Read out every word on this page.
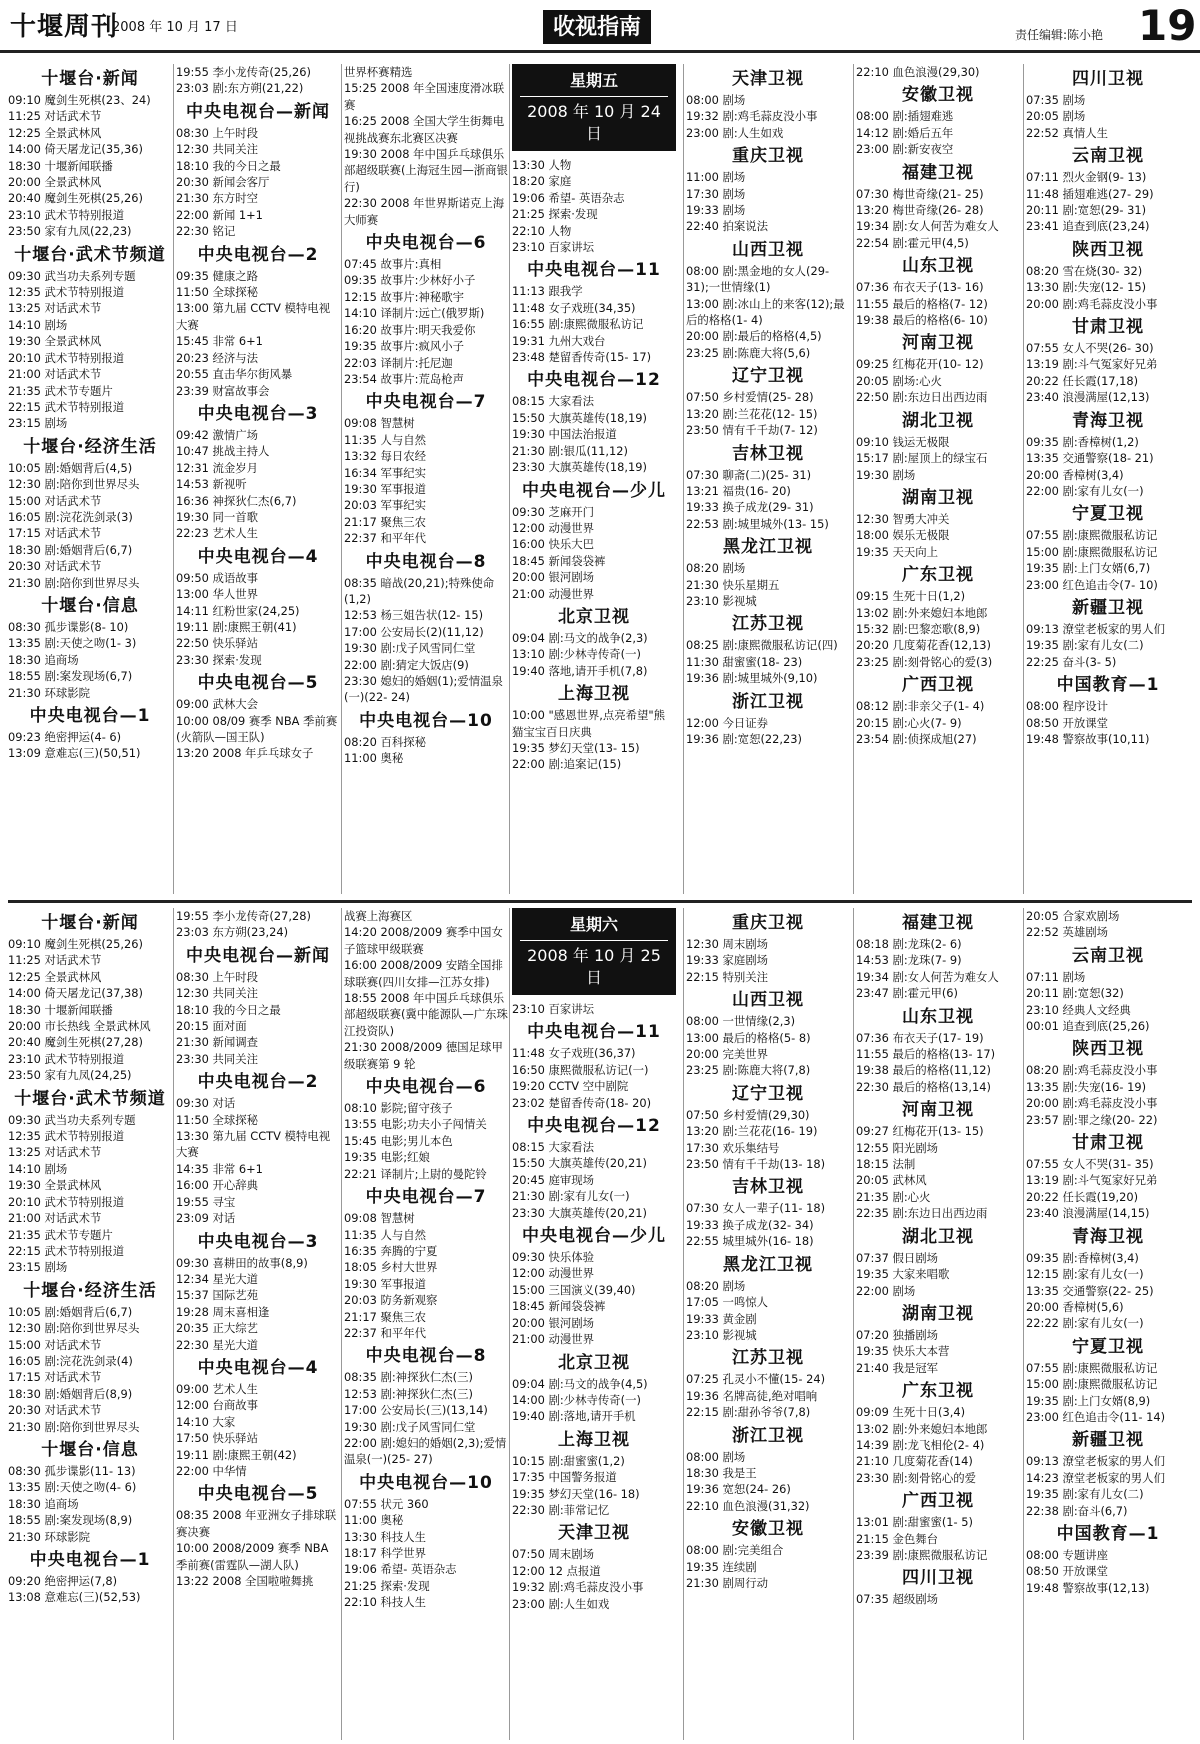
十堰周刊
2008 年 10 月 17 日	收视指南	责任编辑:陈小艳 19
十堰台·新闻
09:10 魔剑生死棋(23、24)
11:25 对话武术节
12:25 全景武林风
14:00 倚天屠龙记(35,36)
18:30 十堰新闻联播
20:00 全景武林风
20:40 魔剑生死棋(25,26)
23:10 武术节特别报道
23:50 家有九凤(22,23)
十堰台·武术节频道
09:30 武当功夫系列专题
12:35 武术节特别报道
13:25 对话武术节
14:10 剧场
19:30 全景武林风
20:10 武术节特别报道
21:00 对话武术节
21:35 武术节专题片
22:15 武术节特别报道
23:15 剧场
十堰台·经济生活
10:05 剧:婚姻背后(4,5)
12:30 剧:陪你到世界尽头
15:00 对话武术节
16:05 剧:浣花洗剑录(3)
17:15 对话武术节
18:30 剧:婚姻背后(6,7)
20:30 对话武术节
21:30 剧:陪你到世界尽头
十堰台·信息
08:30 孤步谍影(8- 10)
13:35 剧:天使之吻(1- 3)
18:30 追商场
18:55 剧:案发现场(6,7)
21:30 环球影院
中央电视台—1
09:23 绝密押运(4- 6)
13:09 意难忘(三)(50,51)
19:55 李小龙传奇(25,26)
23:03 剧:东方朔(21,22)
中央电视台—新闻
08:30 上午时段
12:30 共同关注
18:10 我的今日之最
20:30 新闻会客厅
21:30 东方时空
22:00 新闻 1+1
22:30 铭记
中央电视台—2
09:35 健康之路
11:50 全球探秘
13:00 第九届 CCTV 模特电视大赛
15:45 非常 6+1
20:23 经济与法
20:55 直击华尔街风暴
23:39 财富故事会
中央电视台—3
09:42 激情广场
10:47 挑战主持人
12:31 流金岁月
14:53 新视听
16:36 神探狄仁杰(6,7)
19:30 同一首歌
22:23 艺术人生
中央电视台—4
09:50 成语故事
13:00 华人世界
14:11 红粉世家(24,25)
19:11 剧:康熙王朝(41)
22:50 快乐驿站
23:30 探索·发现
中央电视台—5
09:00 武林大会
10:00 08/09 赛季 NBA 季前赛(火箭队—国王队)
13:20 2008 年乒乓球女子
世界杯赛精选
15:25 2008 年全国速度滑冰联赛
16:25 2008 全国大学生街舞电视挑战赛东北赛区决赛
19:30 2008 年中国乒乓球俱乐部超级联赛(上海冠生园—浙商银行)
22:30 2008 年世界斯诺克上海大师赛
中央电视台—6
07:45 故事片:真相
09:35 故事片:少林好小子
12:15 故事片:神秘歌宇
14:10 译制片:远亡(俄罗斯)
16:20 故事片:明天我爱你
19:35 故事片:疯风小子
22:03 译制片:托尼迦
23:54 故事片:荒岛枪声
中央电视台—7
09:08 智慧树
11:35 人与自然
13:32 每日农经
16:34 军事纪实
19:30 军事报道
20:03 军事纪实
21:17 聚焦三农
22:37 和平年代
中央电视台—8
08:35 暗战(20,21);特殊使命(1,2)
12:53 杨三姐告状(12- 15)
17:00 公安局长(2)(11,12)
19:30 剧:戊子风雪同仁堂
22:00 剧:猜定大饭店(9)
23:30 媳妇的婚姻(1);爱情温泉(一)(22- 24)
中央电视台—10
08:20 百科探秘
11:00 奥秘
星期五
2008 年 10 月 24 日
13:30 人物
18:20 家庭
19:06 希望- 英语杂志
21:25 探索·发现
22:10 人物
23:10 百家讲坛
中央电视台—11
11:13 跟我学
11:48 女子戏班(34,35)
16:55 剧:康熙微服私访记
19:31 九州大戏台
23:48 楚留香传奇(15- 17)
中央电视台—12
08:15 大家看法
15:50 大旗英雄传(18,19)
19:30 中国法治报道
21:30 剧:银瓜(11,12)
23:30 大旗英雄传(18,19)
中央电视台—少儿
09:30 芝麻开门
12:00 动漫世界
16:00 快乐大巴
18:45 新闻袋袋裤
20:00 银河剧场
21:00 动漫世界
北京卫视
09:04 剧:马文的战争(2,3)
13:10 剧:少林寺传奇(一)
19:40 落地,请开手机(7,8)
上海卫视
10:00 "感恩世界,点亮希望"熊猫宝宝百日庆典
19:35 梦幻天堂(13- 15)
22:00 剧:追案记(15)
天津卫视
08:00 剧场
19:32 剧:鸡毛蒜皮没小事
23:00 剧:人生如戏
重庆卫视
11:00 剧场
17:30 剧场
19:33 剧场
22:40 拍案说法
山西卫视
08:00 剧:黑金地的女人(29- 31);一世情缘(1)
13:00 剧:冰山上的来客(12);最后的格格(1- 4)
20:00 剧:最后的格格(4,5)
23:25 剧:陈鹿大将(5,6)
辽宁卫视
07:50 乡村爱情(25- 28)
13:20 剧:兰花花(12- 15)
23:50 情有千千劫(7- 12)
吉林卫视
07:30 聊斋(二)(25- 31)
13:21 福贵(16- 20)
19:33 换子成龙(29- 31)
22:53 剧:城里城外(13- 15)
黑龙江卫视
08:20 剧场
21:30 快乐星期五
23:10 影视城
江苏卫视
08:25 剧:康熙微服私访记(四)
11:30 甜蜜蜜(18- 23)
19:36 剧:城里城外(9,10)
浙江卫视
12:00 今日证券
19:36 剧:宽恕(22,23)
22:10 血色浪漫(29,30)
安徽卫视
08:00 剧:插翅难逃
14:12 剧:婚后五年
23:00 剧:新安夜空
福建卫视
07:30 梅世奇缘(21- 25)
13:20 梅世奇缘(26- 28)
19:34 剧:女人何苦为难女人
22:54 剧:霍元甲(4,5)
山东卫视
07:36 布衣天子(13- 16)
11:55 最后的格格(7- 12)
19:38 最后的格格(6- 10)
河南卫视
09:25 红梅花开(10- 12)
20:05 剧场:心火
22:50 剧:东边日出西边雨
湖北卫视
09:10 钱运无极限
15:17 剧:屋顶上的绿宝石
19:30 剧场
湖南卫视
12:30 智勇大冲关
18:00 娱乐无极限
19:35 天天向上
广东卫视
09:15 生死十日(1,2)
13:02 剧:外来媳妇本地郎
15:32 剧:巴黎恋歌(8,9)
20:20 几度菊花香(12,13)
23:25 剧:刻骨铭心的爱(3)
广西卫视
08:12 剧:非亲父子(1- 4)
20:15 剧:心火(7- 9)
23:54 剧:侦探成旭(27)
四川卫视
07:35 剧场
20:05 剧场
22:52 真情人生
云南卫视
07:11 烈火金钢(9- 13)
11:48 插翅难逃(27- 29)
20:11 剧:宽恕(29- 31)
23:41 追查到底(23,24)
陕西卫视
08:20 雪在烧(30- 32)
13:30 剧:失宠(12- 15)
20:00 剧:鸡毛蒜皮没小事
甘肃卫视
07:55 女人不哭(26- 30)
13:19 剧:斗气冤家好兄弟
20:22 任长霞(17,18)
23:40 浪漫满屋(12,13)
青海卫视
09:35 剧:香樟树(1,2)
13:35 交通警察(18- 21)
20:00 香樟树(3,4)
22:00 剧:家有儿女(一)
宁夏卫视
07:55 剧:康熙微服私访记
15:00 剧:康熙微服私访记
19:35 剧:上门女婿(6,7)
23:00 红色追击令(7- 10)
新疆卫视
09:13 潦堂老板家的男人们
19:35 剧:家有儿女(二)
22:25 奋斗(3- 5)
中国教育—1
08:00 程序设计
08:50 开放课堂
19:48 警察故事(10,11)
十堰台·新闻
09:10 魔剑生死棋(25,26)
11:25 对话武术节
12:25 全景武林风
14:00 倚天屠龙记(37,38)
18:30 十堰新闻联播
20:00 市长热线 全景武林风
20:40 魔剑生死棋(27,28)
23:10 武术节特别报道
23:50 家有九凤(24,25)
十堰台·武术节频道
09:30 武当功夫系列专题
12:35 武术节特别报道
13:25 对话武术节
14:10 剧场
19:30 全景武林风
20:10 武术节特别报道
21:00 对话武术节
21:35 武术节专题片
22:15 武术节特别报道
23:15 剧场
十堰台·经济生活
10:05 剧:婚姻背后(6,7)
12:30 剧:陪你到世界尽头
15:00 对话武术节
16:05 剧:浣花洗剑录(4)
17:15 对话武术节
18:30 剧:婚姻背后(8,9)
20:30 对话武术节
21:30 剧:陪你到世界尽头
十堰台·信息
08:30 孤步谍影(11- 13)
13:35 剧:天使之吻(4- 6)
18:30 追商场
18:55 剧:案发现场(8,9)
21:30 环球影院
中央电视台—1
09:20 绝密押运(7,8)
13:08 意难忘(三)(52,53)
19:55 李小龙传奇(27,28)
23:03 东方朔(23,24)
中央电视台—新闻
08:30 上午时段
12:30 共同关注
18:10 我的今日之最
20:15 面对面
21:30 新闻调查
23:30 共同关注
中央电视台—2
09:30 对话
11:50 全球探秘
13:30 第九届 CCTV 模特电视大赛
14:35 非常 6+1
16:00 开心辞典
19:55 寻宝
23:09 对话
中央电视台—3
09:30 喜耕田的故事(8,9)
12:34 星光大道
15:37 国际艺苑
19:28 周末喜相逢
20:35 正大综艺
22:30 星光大道
中央电视台—4
09:00 艺术人生
12:00 台商故事
14:10 大家
17:50 快乐驿站
19:11 剧:康熙王朝(42)
22:00 中华情
中央电视台—5
08:35 2008 年亚洲女子排球联赛决赛
10:00 2008/2009 赛季 NBA 季前赛(雷霆队—湖人队)
13:22 2008 全国啦啦舞挑
战赛上海赛区
14:20 2008/2009 赛季中国女子篮球甲级联赛
16:00 2008/2009 安踏全国排球联赛(四川女排—江苏女排)
18:55 2008 年中国乒乓球俱乐部超级联赛(冀中能源队—广东珠江投资队)
21:30 2008/2009 德国足球甲级联赛第 9 轮
中央电视台—6
08:10 影院;留守孩子
13:55 电影;功夫小子闯情关
15:45 电影;男儿本色
19:35 电影;红娘
22:21 译制片;上尉的曼陀铃
中央电视台—7
09:08 智慧树
11:35 人与自然
16:35 奔腾的宁夏
18:05 乡村大世界
19:30 军事报道
20:03 防务新观察
21:17 聚焦三农
22:37 和平年代
中央电视台—8
08:35 剧:神探狄仁杰(三)
12:53 剧:神探狄仁杰(三)
17:00 公安局长(三)(13,14)
19:30 剧:戊子风雪同仁堂
22:00 剧:媳妇的婚姻(2,3);爱情温泉(一)(25- 27)
中央电视台—10
07:55 状元 360
11:00 奥秘
13:30 科技人生
18:17 科学世界
19:06 希望- 英语杂志
21:25 探索·发现
22:10 科技人生
星期六
2008 年 10 月 25 日
23:10 百家讲坛
中央电视台—11
11:48 女子戏班(36,37)
16:50 康熙微服私访记(一)
19:20 CCTV 空中剧院
23:02 楚留香传奇(18- 20)
中央电视台—12
08:15 大家看法
15:50 大旗英雄传(20,21)
20:45 庭审现场
21:30 剧:家有儿女(一)
23:30 大旗英雄传(20,21)
中央电视台—少儿
09:30 快乐体验
12:00 动漫世界
15:00 三国演义(39,40)
18:45 新闻袋袋裤
20:00 银河剧场
21:00 动漫世界
北京卫视
09:04 剧:马文的战争(4,5)
14:00 剧:少林寺传奇(一)
19:40 剧:落地,请开手机
上海卫视
10:15 剧:甜蜜蜜(1,2)
17:35 中国警务报道
19:35 梦幻天堂(16- 18)
22:30 剧:菲常记忆
天津卫视
07:50 周末剧场
12:00 12 点报道
19:32 剧:鸡毛蒜皮没小事
23:00 剧:人生如戏
重庆卫视
12:30 周末剧场
19:33 家庭剧场
22:15 特别关注
山西卫视
08:00 一世情缘(2,3)
13:00 最后的格格(5- 8)
20:00 完美世界
23:25 剧:陈鹿大将(7,8)
辽宁卫视
07:50 乡村爱情(29,30)
13:20 剧:兰花花(16- 19)
17:30 欢乐集结号
23:50 情有千千劫(13- 18)
吉林卫视
07:30 女人一辈子(11- 18)
19:33 换子成龙(32- 34)
22:55 城里城外(16- 18)
黑龙江卫视
08:20 剧场
17:05 一鸣惊人
19:33 黄金剧
23:10 影视城
江苏卫视
07:25 孔灵小不懂(15- 24)
19:36 名牌高徒,绝对唱响
22:15 剧:甜孙爷爷(7,8)
浙江卫视
08:00 剧场
18:30 我是王
19:36 宽恕(24- 26)
22:10 血色浪漫(31,32)
安徽卫视
08:00 剧:完美组合
19:35 连续剧
21:30 剧周行动
福建卫视
08:18 剧:龙珠(2- 6)
14:53 剧:龙珠(7- 9)
19:34 剧:女人何苦为难女人
23:47 剧:霍元甲(6)
山东卫视
07:36 布衣天子(17- 19)
11:55 最后的格格(13- 17)
19:38 最后的格格(11,12)
22:30 最后的格格(13,14)
河南卫视
09:27 红梅花开(13- 15)
12:55 阳光剧场
18:15 法制
20:05 武林风
21:35 剧:心火
22:35 剧:东边日出西边雨
湖北卫视
07:37 假日剧场
19:35 大家来唱歌
22:00 剧场
湖南卫视
07:20 独播剧场
19:35 快乐大本营
21:40 我是冠军
广东卫视
09:09 生死十日(3,4)
13:02 剧:外来媳妇本地郎
14:39 剧:龙飞相伦(2- 4)
21:10 几度菊花香(14)
23:30 剧:刻骨铭心的爱
广西卫视
13:01 剧:甜蜜蜜(1- 5)
21:15 金色舞台
23:39 剧:康熙微服私访记
四川卫视
07:35 超级剧场
20:05 合家欢剧场
22:52 英雄剧场
云南卫视
07:11 剧场
20:11 剧:宽恕(32)
23:10 经典人文经典
00:01 追查到底(25,26)
陕西卫视
08:20 剧:鸡毛蒜皮没小事
13:35 剧:失宠(16- 19)
20:00 剧:鸡毛蒜皮没小事
23:57 剧:罪之缘(20- 22)
甘肃卫视
07:55 女人不哭(31- 35)
13:19 剧:斗气冤家好兄弟
20:22 任长霞(19,20)
23:40 浪漫满屋(14,15)
青海卫视
09:35 剧:香樟树(3,4)
12:15 剧:家有儿女(一)
13:35 交通警察(22- 25)
20:00 香樟树(5,6)
22:22 剧:家有儿女(一)
宁夏卫视
07:55 剧:康熙微服私访记
15:00 剧:康熙微服私访记
19:35 剧:上门女婿(8,9)
23:00 红色追击令(11- 14)
新疆卫视
09:13 潦堂老板家的男人们
14:23 潦堂老板家的男人们
19:35 剧:家有儿女(二)
22:38 剧:奋斗(6,7)
中国教育—1
08:00 专题讲座
08:50 开放课堂
19:48 警察故事(12,13)
